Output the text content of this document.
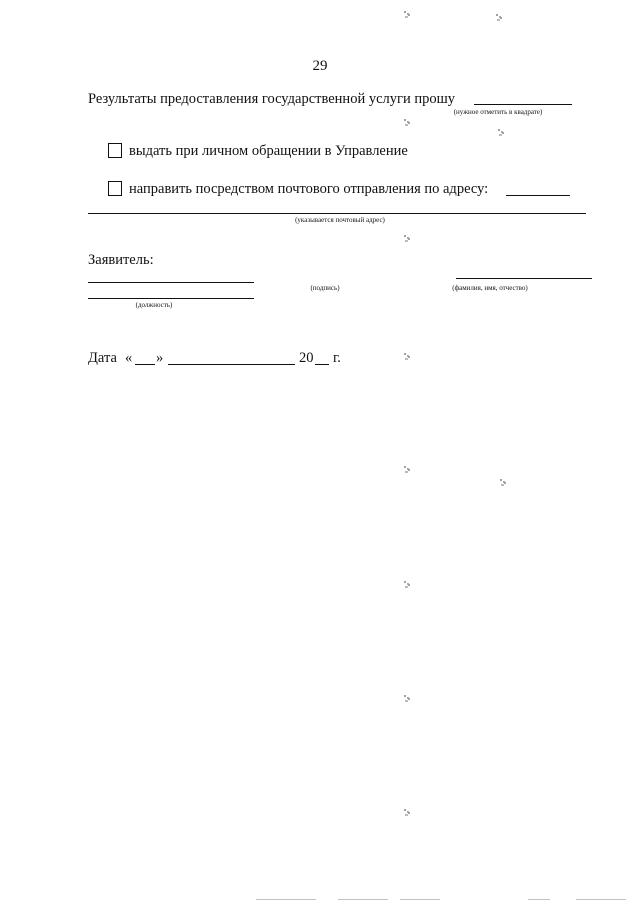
29
Результаты предоставления государственной услуги прошу
(нужное отметить в квадрате)
выдать при личном обращении в Управление
направить посредством почтового отправления по адресу:
(указывается почтовый адрес)
Заявитель:
(должность)
(подпись)	(фамилия, имя, отчество)
Дата « »	20 г.
